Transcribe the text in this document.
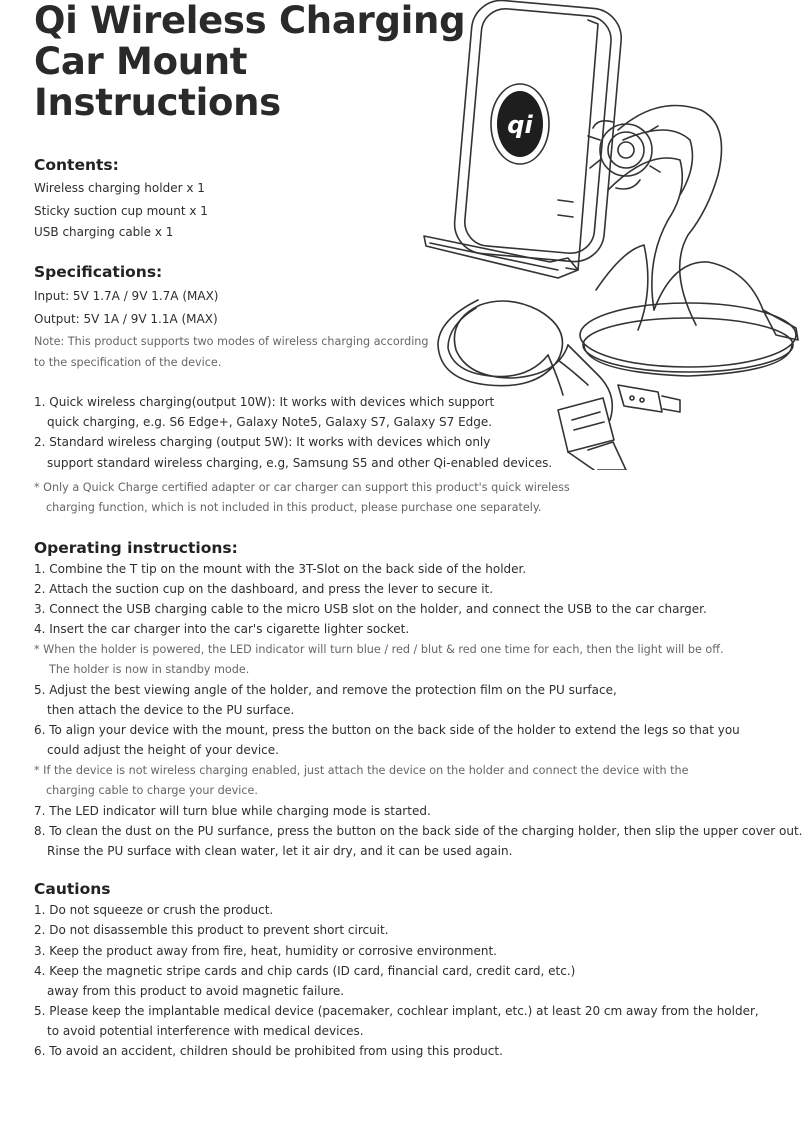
Qi Wireless Charging
Car Mount
Instructions
qi
Contents:
Wireless charging holder x 1
Sticky suction cup mount x 1
USB charging cable x 1
Specifications:
Input: 5V 1.7A / 9V 1.7A (MAX)
Output: 5V 1A / 9V 1.1A (MAX)
Note: This product supports two modes of wireless charging according
to the specification of the device.
1. Quick wireless charging(output 10W): It works with devices which support
quick charging, e.g. S6 Edge+, Galaxy Note5, Galaxy S7, Galaxy S7 Edge.
2. Standard wireless charging (output 5W): It works with devices which only
support standard wireless charging, e.g, Samsung S5 and other Qi-enabled devices.
* Only a Quick Charge certified adapter or car charger can support this product's quick wireless
charging function, which is not included in this product, please purchase one separately.
Operating instructions:
1. Combine the T tip on the mount with the 3T-Slot on the back side of the holder.
2. Attach the suction cup on the dashboard, and press the lever to secure it.
3. Connect the USB charging cable to the micro USB slot on the holder, and connect the USB to the car charger.
4. Insert the car charger into the car's cigarette lighter socket.
* When the holder is powered, the LED indicator will turn blue / red / blut & red one time for each, then the light will be off.
The holder is now in standby mode.
5. Adjust the best viewing angle of the holder, and remove the protection film on the PU surface,
then attach the device to the PU surface.
6. To align your device with the mount, press the button on the back side of the holder to extend the legs so that you
could adjust the height of your device.
* If the device is not wireless charging enabled, just attach the device on the holder and connect the device with the
charging cable to charge your device.
7. The LED indicator will turn blue while charging mode is started.
8. To clean the dust on the PU surfance, press the button on the back side of the charging holder, then slip the upper cover out.
Rinse the PU surface with clean water, let it air dry, and it can be used again.
Cautions
1. Do not squeeze or crush the product.
2. Do not disassemble this product to prevent short circuit.
3. Keep the product away from fire, heat, humidity or corrosive environment.
4. Keep the magnetic stripe cards and chip cards (ID card, financial card, credit card, etc.)
away from this product to avoid magnetic failure.
5. Please keep the implantable medical device (pacemaker, cochlear implant, etc.) at least 20 cm away from the holder,
to avoid potential interference with medical devices.
6. To avoid an accident, children should be prohibited from using this product.
